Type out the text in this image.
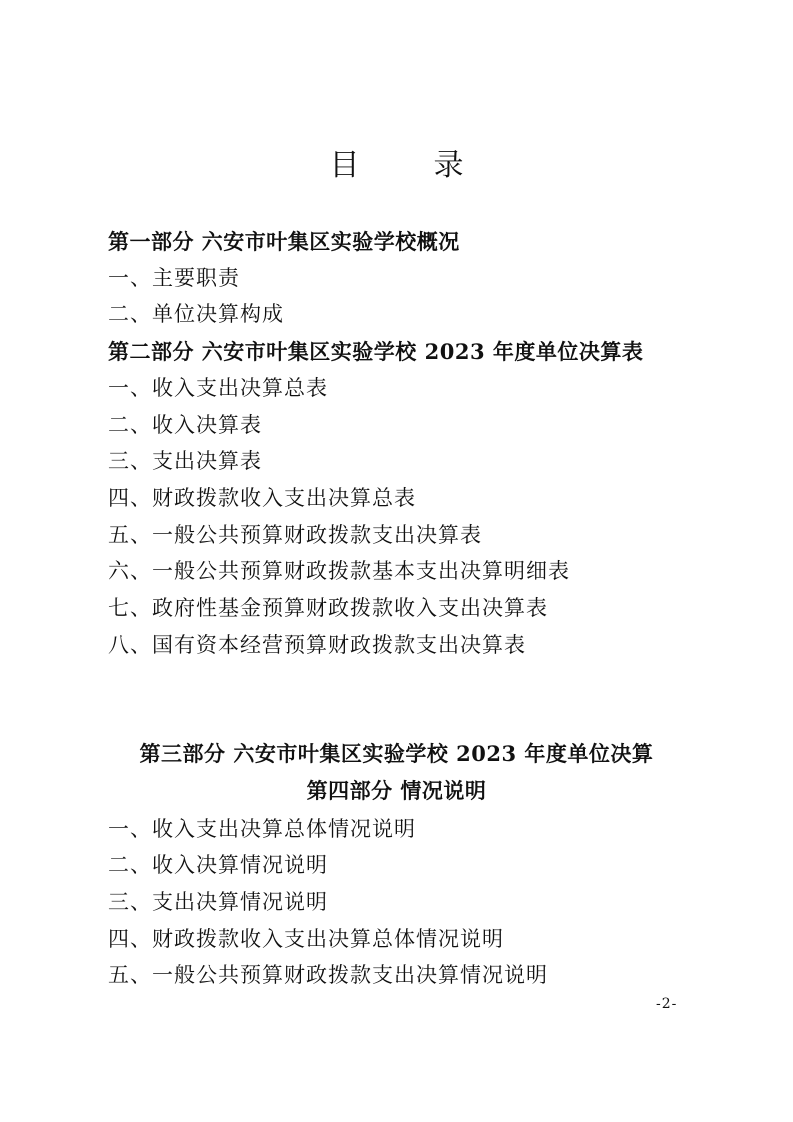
目　录
第一部分 六安市叶集区实验学校概况
一、主要职责
二、单位决算构成
第二部分 六安市叶集区实验学校 2023 年度单位决算表
一、收入支出决算总表
二、收入决算表
三、支出决算表
四、财政拨款收入支出决算总表
五、一般公共预算财政拨款支出决算表
六、一般公共预算财政拨款基本支出决算明细表
七、政府性基金预算财政拨款收入支出决算表
八、国有资本经营预算财政拨款支出决算表
第三部分 六安市叶集区实验学校 2023 年度单位决算
第四部分 情况说明
一、收入支出决算总体情况说明
二、收入决算情况说明
三、支出决算情况说明
四、财政拨款收入支出决算总体情况说明
五、一般公共预算财政拨款支出决算情况说明
-2-
